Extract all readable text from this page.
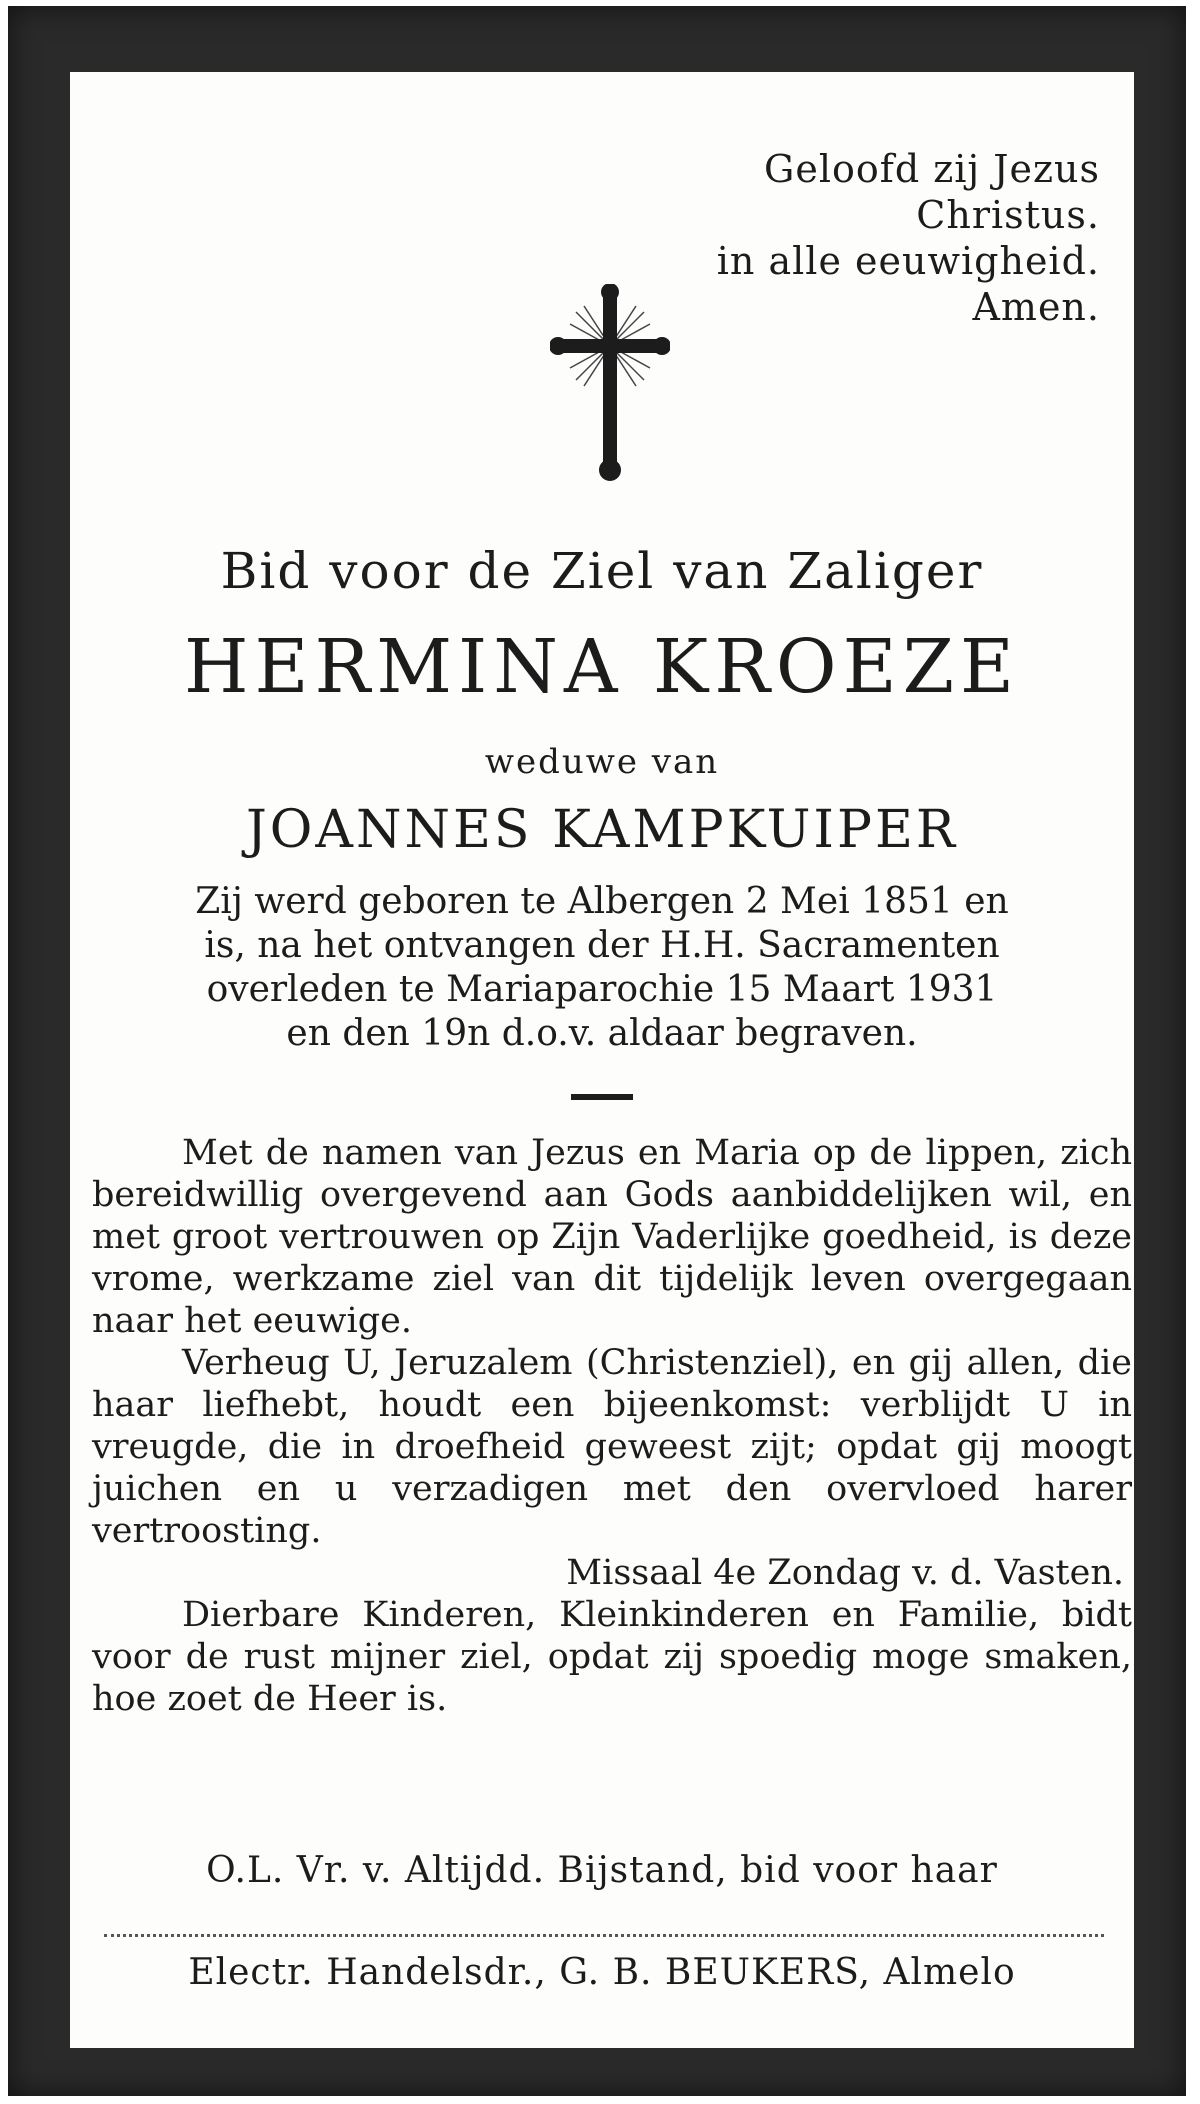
Geloofd zij Jezus Christus.
in alle eeuwigheid. Amen.
Bid voor de Ziel van Zaliger
HERMINA KROEZE
weduwe van
JOANNES KAMPKUIPER
Zij werd geboren te Albergen 2 Mei 1851 en
is, na het ontvangen der H.H. Sacramenten
overleden te Mariaparochie 15 Maart 1931
en den 19n d.o.v. aldaar begraven.
Met de namen van Jezus en Maria op de lippen, zich bereidwillig overgevend aan Gods aanbiddelijken wil, en met groot vertrouwen op Zijn Vaderlijke goedheid, is deze vrome, werkzame ziel van dit tijdelijk leven overgegaan naar het eeuwige.
Verheug U, Jeruzalem (Christenziel), en gij allen, die haar liefhebt, houdt een bijeenkomst: verblijdt U in vreugde, die in droefheid geweest zijt; opdat gij moogt juichen en u verzadigen met den overvloed harer vertroosting.
Missaal 4e Zondag v. d. Vasten.
Dierbare Kinderen, Kleinkinderen en Familie, bidt voor de rust mijner ziel, opdat zij spoedig moge smaken, hoe zoet de Heer is.
O.L. Vr. v. Altijdd. Bijstand, bid voor haar
Electr. Handelsdr., G. B. BEUKERS, Almelo
